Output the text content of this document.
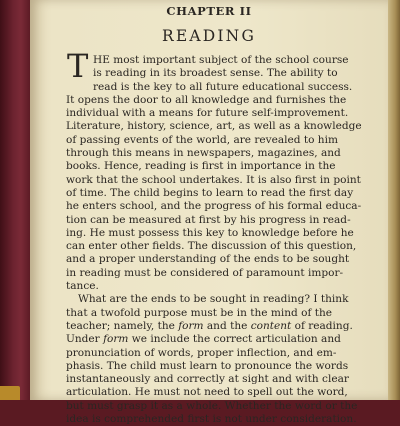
CHAPTER II
READING
T HE most important subject of the school course
is reading in its broadest sense. The ability to
read is the key to all future educational success.
It opens the door to all knowledge and furnishes the
individual with a means for future self-improvement.
Literature, history, science, art, as well as a knowledge
of passing events of the world, are revealed to him
through this means in newspapers, magazines, and
books. Hence, reading is first in importance in the
work that the school undertakes. It is also first in point
of time. The child begins to learn to read the first day
he enters school, and the progress of his formal educa-
tion can be measured at first by his progress in read-
ing. He must possess this key to knowledge before he
can enter other fields. The discussion of this question,
and a proper understanding of the ends to be sought
in reading must be considered of paramount impor-
tance.
What are the ends to be sought in reading? I think
that a twofold purpose must be in the mind of the
teacher; namely, the form and the content of reading.
Under form we include the correct articulation and
pronunciation of words, proper inflection, and em-
phasis. The child must learn to pronounce the words
instantaneously and correctly at sight and with clear
articulation. He must not need to spell out the word,
but must grasp it as a whole. Whether the word or the
idea is comprehended first is not under consideration.
